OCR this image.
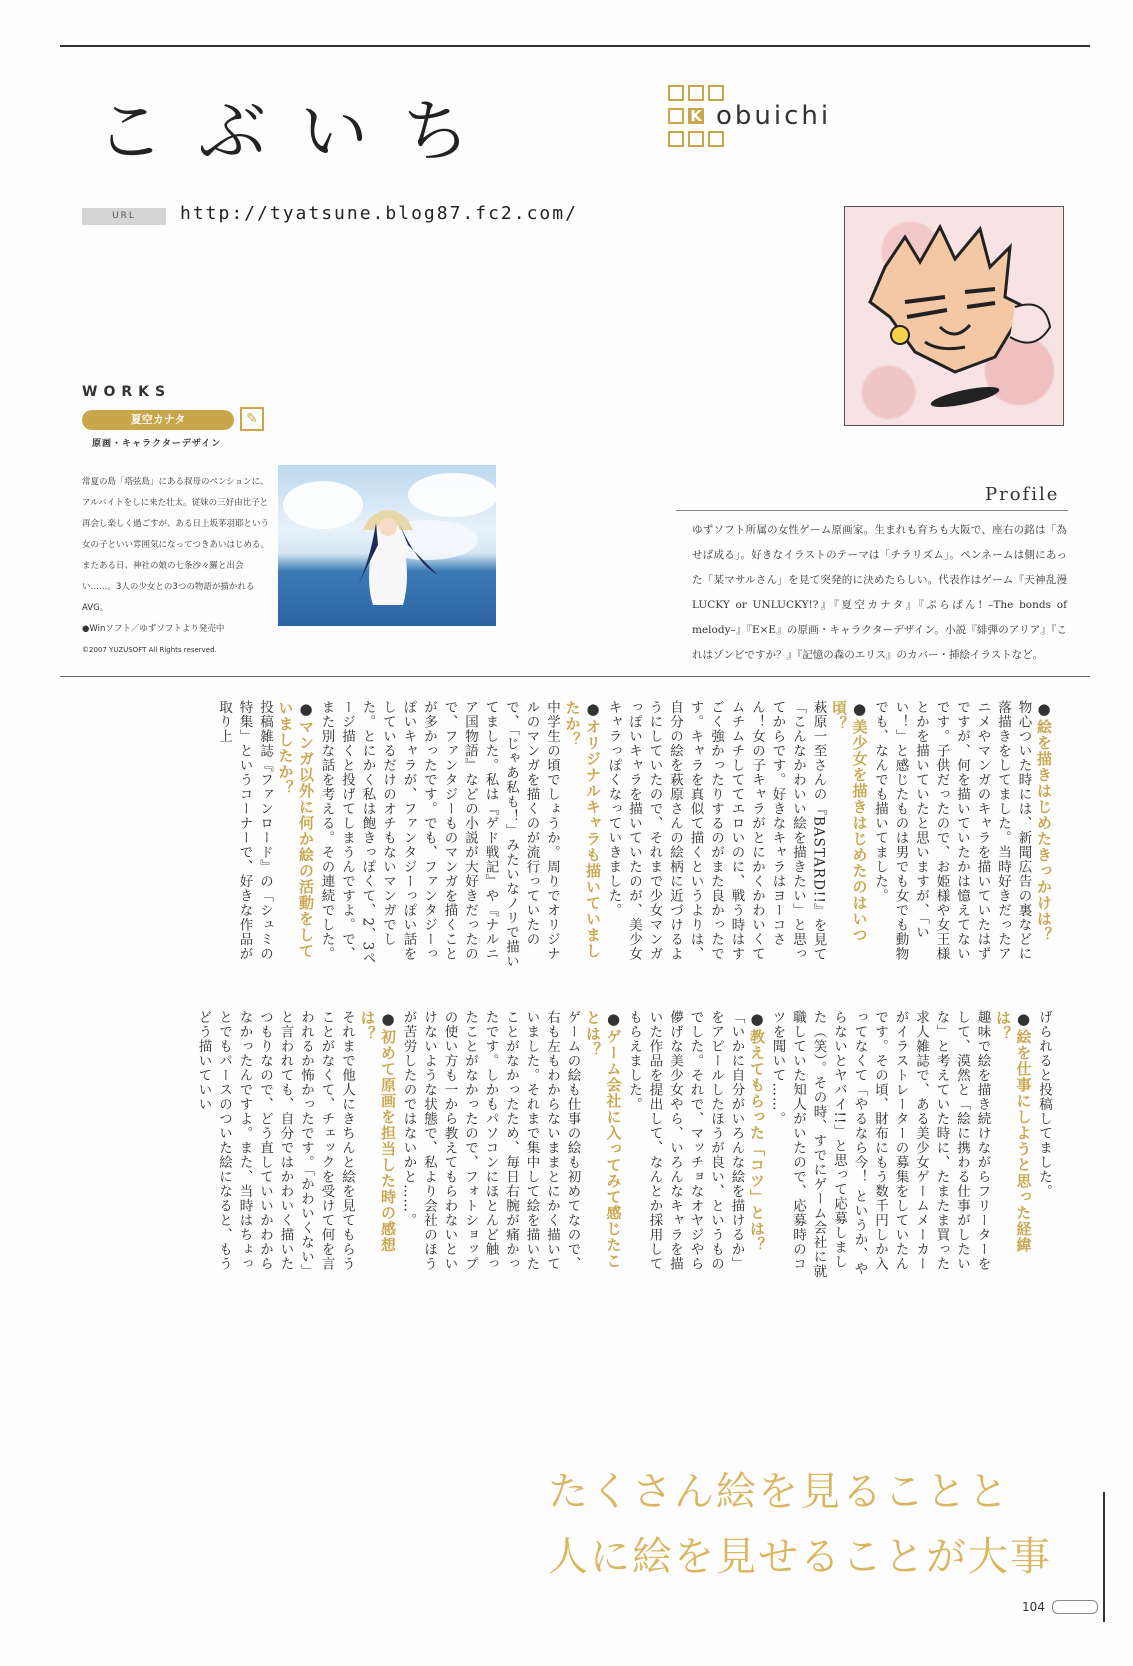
こぶいち	K obuichi
URL	http://tyatsune.blog87.fc2.com/
WORKS
夏空カナタ	✎
原画・キャラクターデザイン
常夏の島「塔弦島」にある叔母のペンションに、アルバイトをしに来た壮太。従妹の三好由比子と再会し楽しく過ごすが、ある日上坂茅羽耶という女の子といい雰囲気になってつきあいはじめる。またある日、神社の娘の七条沙々羅と出会い……。3人の少女との3つの物語が描かれるAVG。
●Winソフト／ゆずソフトより発売中
©2007 YUZUSOFT All Rights reserved.
Profile
ゆずソフト所属の女性ゲーム原画家。生まれも育ちも大阪で、座右の銘は「為せば成る」。好きなイラストのテーマは「チラリズム」。ペンネームは側にあった「某マサルさん」を見て突発的に決めたらしい。代表作はゲーム『天神乱漫 LUCKY or UNLUCKY!?』『夏空カナタ』『ぷらばん! –The bonds of melody–』『E×E』の原画・キャラクターデザイン。小説『緋弾のアリア』『これはゾンビですか？』『記憶の森のエリス』のカバー・挿絵イラストなど。

●絵を描きはじめたきっかけは？

物心ついた時には、新聞広告の裏などに落描きをしてました。当時好きだったアニメやマンガのキャラを描いていたはずですが、何を描いていたかは憶えてないです。子供だったので、お姫様や女王様とかを描いていたと思いますが、「いい！」と感じたものは男でも女でも動物でも、なんでも描いてました。

●美少女を描きはじめたのはいつ頃？

萩原一至さんの『BASTARD!!』を見て「こんなかわいい絵を描きたい」と思ってからです。好きなキャラはヨーコさん！女の子キャラがとにかくかわいくてムチムチしててエロいのに、戦う時はすごく強かったりするのがまた良かったです。キャラを真似て描くというよりは、自分の絵を萩原さんの絵柄に近づけるようにしていたので、それまで少女マンガっぽいキャラを描いていたのが、美少女キャラっぽくなっていきました。

●オリジナルキャラも描いていましたか？

中学生の頃でしょうか。周りでオリジナルのマンガを描くのが流行っていたので、「じゃあ私も！」みたいなノリで描いてました。私は『ゲド戦記』や『ナルニア国物語』などの小説が大好きだったので、ファンタジーものマンガを描くことが多かったです。でも、ファンタジーっぽいキャラが、ファンタジーっぽい話をしているだけのオチもないマンガでした。とにかく私は飽きっぽくて、2、3ページ描くと投げてしまうんですよ。で、また別な話を考える。その連続でした。

●マンガ以外に何か絵の活動をしていましたか？

投稿雑誌『ファンロード』の「シュミの特集」というコーナーで、好きな作品が取り上

げられると投稿してました。

●絵を仕事にしようと思った経緯は？

趣味で絵を描き続けながらフリーターをして、漠然と「絵に携わる仕事がしたいな」と考えていた時に、たまたま買った求人雑誌で、ある美少女ゲームメーカーがイラストレーターの募集をしていたんです。その頃、財布にもう数千円しか入ってなくて「やるなら今！ というか、やらないとヤバイ!!」と思って応募しました（笑）。その時、すでにゲーム会社に就職していた知人がいたので、応募時のコツを聞いて……。

●教えてもらった「コツ」とは？

「いかに自分がいろんな絵を描けるか」をアピールしたほうが良い、というものでした。それで、マッチョなオヤジやら儚げな美少女やら、いろんなキャラを描いた作品を提出して、なんとか採用してもらえました。

●ゲーム会社に入ってみて感じたことは？

ゲームの絵も仕事の絵も初めてなので、右も左もわからないままとにかく描いていました。それまで集中して絵を描いたことがなかったため、毎日右腕が痛かったです。しかもパソコンにほとんど触ったことがなかったので、フォトショップの使い方も一から教えてもらわないといけないような状態で、私より会社のほうが苦労したのではないかと……。

●初めて原画を担当した時の感想は？

それまで他人にきちんと絵を見てもらうことがなくて、チェックを受けて何を言われるか怖かったです。「かわいくない」と言われても、自分ではかわいく描いたつもりなので、どう直していいかわからなかったんですよ。また、当時はちょっとでもパースのついた絵になると、もうどう描いていい

たくさん絵を見ることと
人に絵を見せることが大事
104
